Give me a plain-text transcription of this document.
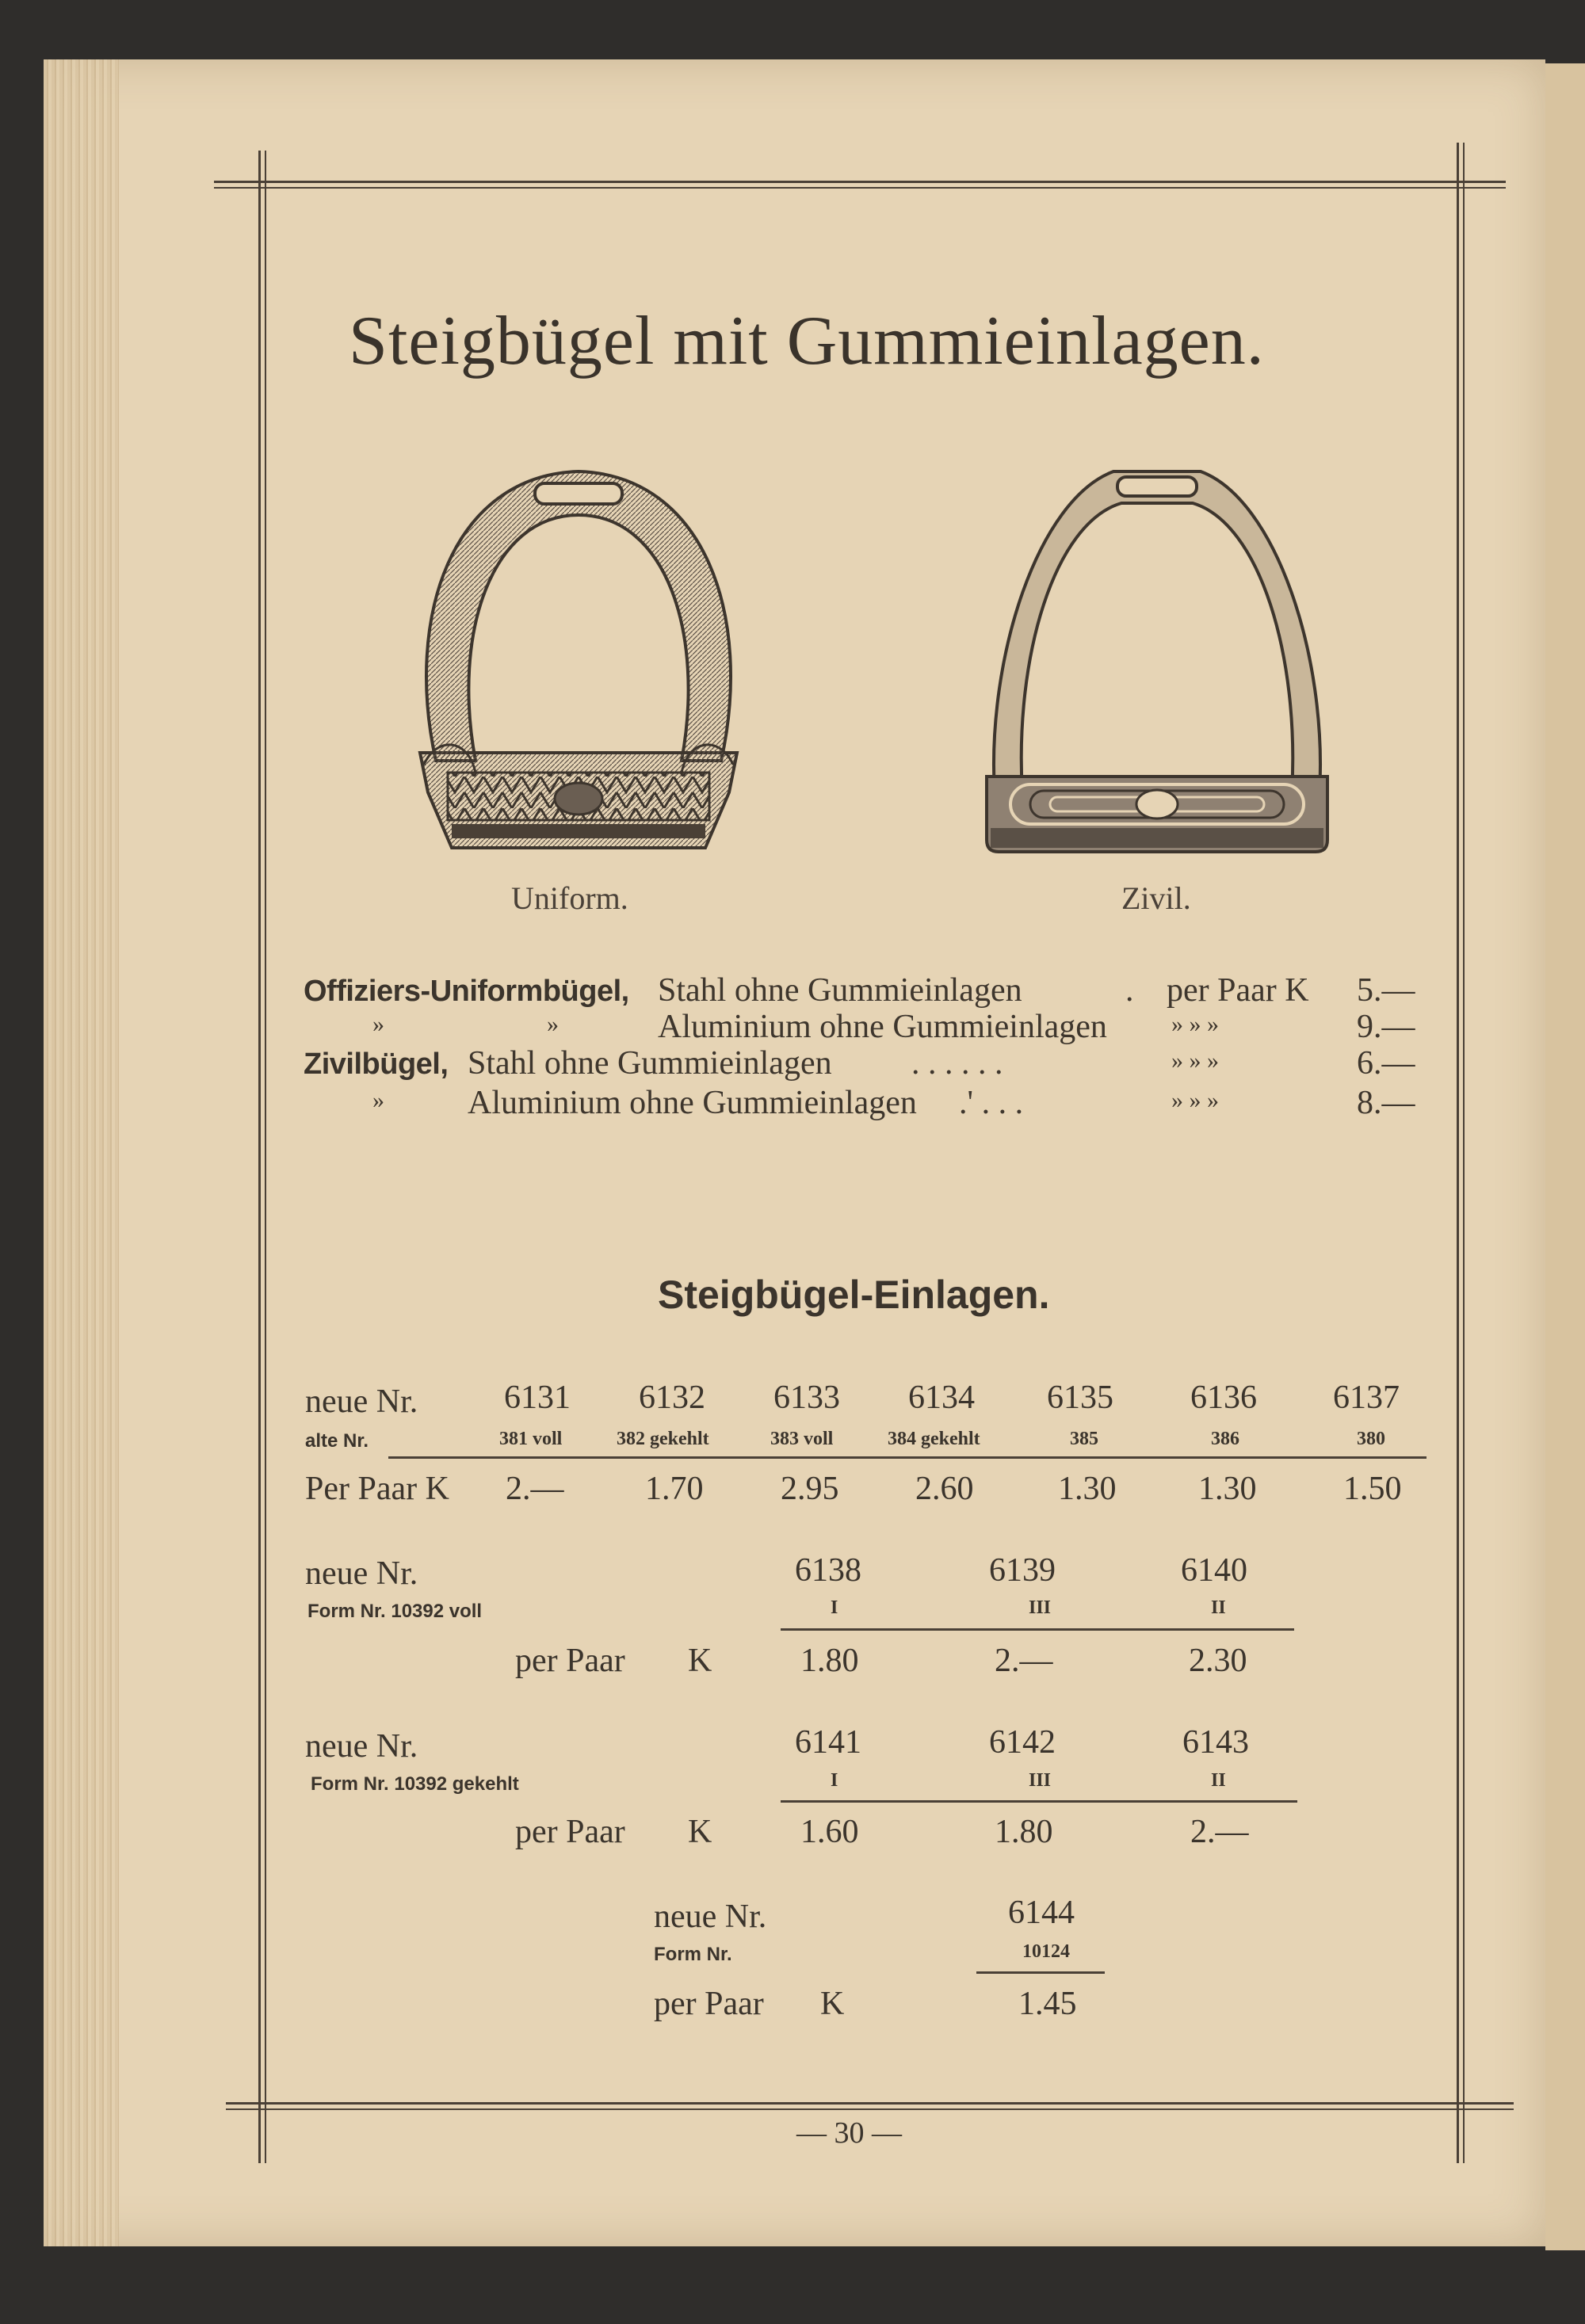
Steigbügel mit Gummieinlagen.
Uniform.	Zivil.
Offiziers-Uniformbügel, Stahl ohne Gummieinlagen	. per Paar K 5.—
»	»	Aluminium ohne Gummieinlagen	» » »	9.—
Zivilbügel, Stahl ohne Gummieinlagen . . . . . .	» » »	6.—
»	Aluminium ohne Gummieinlagen .' . . .	» » »	8.—
Steigbügel-Einlagen.
neue Nr.
alte Nr.
6131 6132 6133 6134 6135 6136 6137
381 voll	382 gekehlt	383 voll	384 gekehlt	385	386	380
Per Paar K 2.— 1.70 2.95 2.60	1.30 1.30	1.50
neue Nr.
Form Nr. 10392 voll
6138	6139	6140
I	III	II
per Paar K	1.80	2.—	2.30
neue Nr.
Form Nr. 10392 gekehlt
6141	6142	6143
I	III	II
per Paar K	1.60	1.80	2.—
neue Nr.
Form Nr.
6144
10124
per Paar K	1.45
— 30 —
